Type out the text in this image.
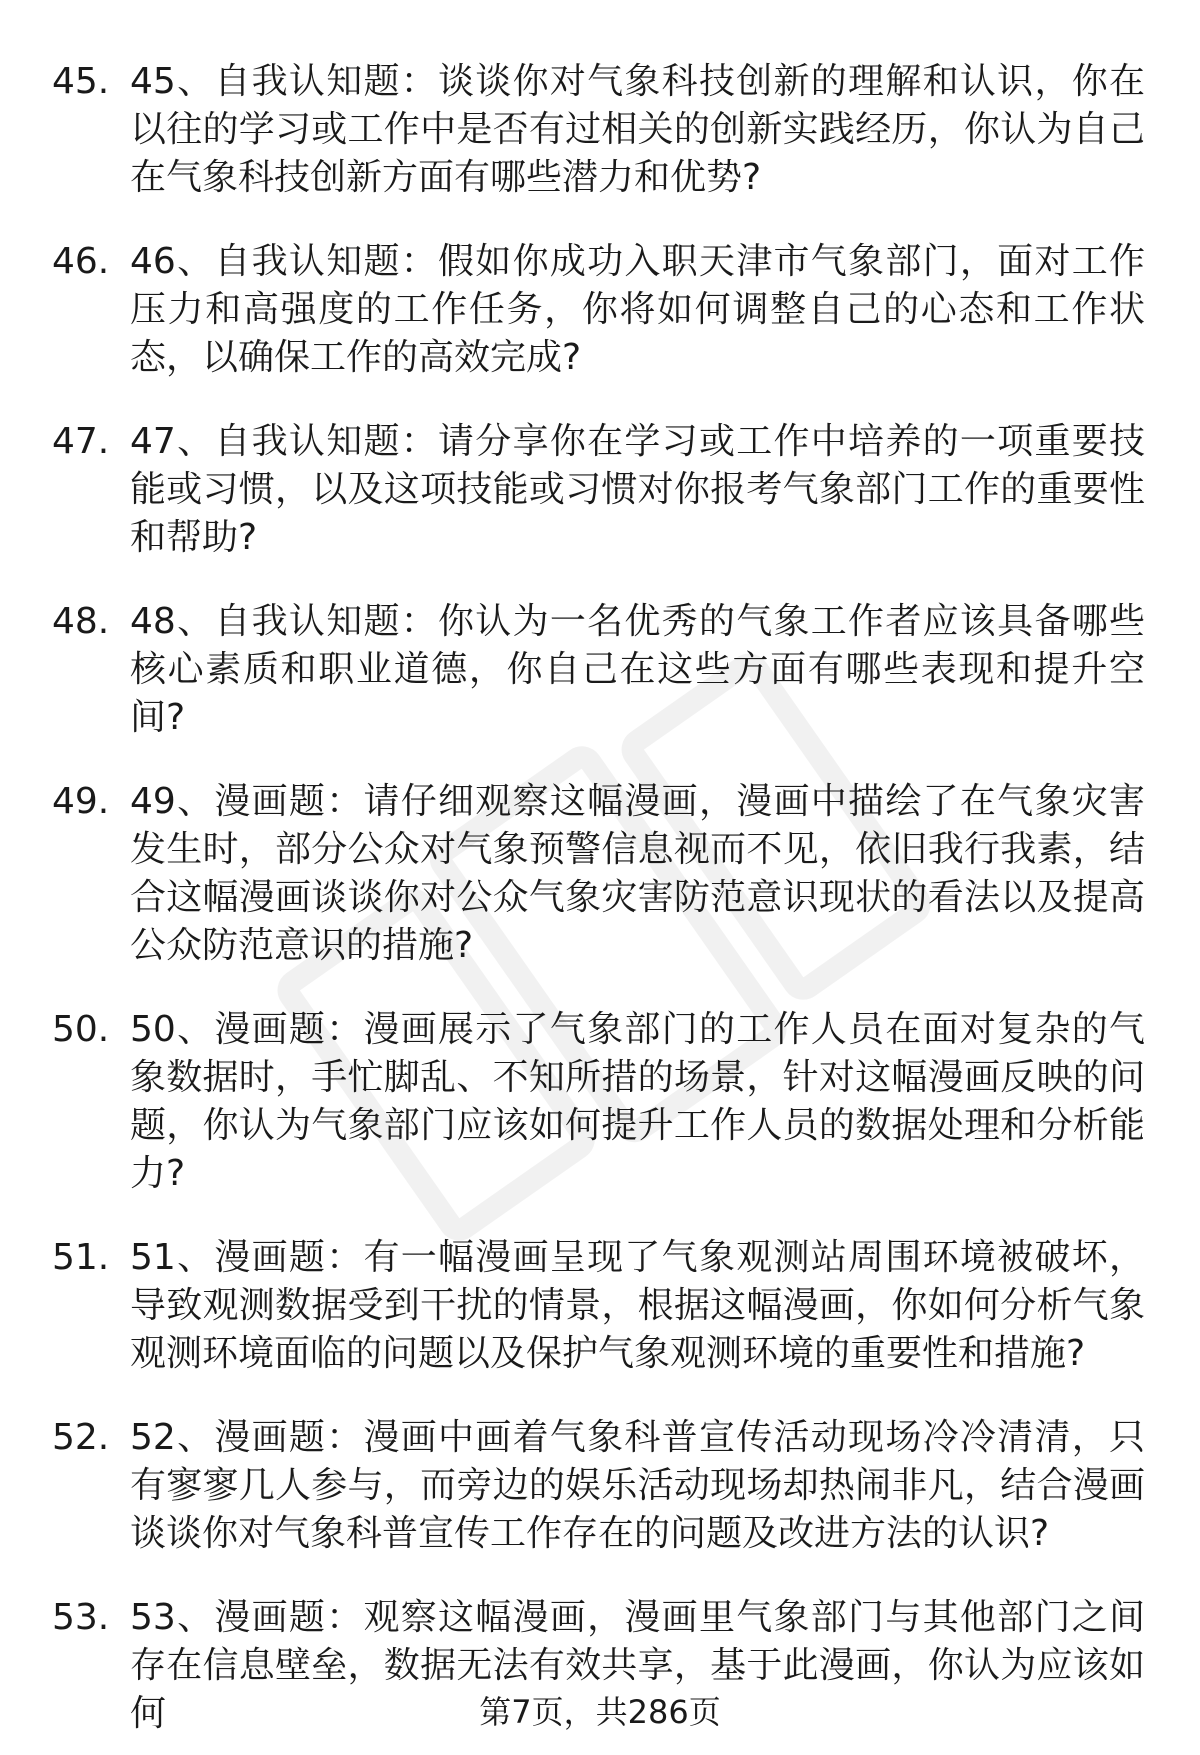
45. 45、自我认知题：谈谈你对气象科技创新的理解和认识，你在以往的学习或工作中是否有过相关的创新实践经历，你认为自己在气象科技创新方面有哪些潜力和优势?
46. 46、自我认知题：假如你成功入职天津市气象部门，面对工作压力和高强度的工作任务，你将如何调整自己的心态和工作状态，以确保工作的高效完成?
47. 47、自我认知题：请分享你在学习或工作中培养的一项重要技能或习惯，以及这项技能或习惯对你报考气象部门工作的重要性和帮助?
48. 48、自我认知题：你认为一名优秀的气象工作者应该具备哪些核心素质和职业道德，你自己在这些方面有哪些表现和提升空间?
49. 49、漫画题：请仔细观察这幅漫画，漫画中描绘了在气象灾害发生时，部分公众对气象预警信息视而不见，依旧我行我素，结合这幅漫画谈谈你对公众气象灾害防范意识现状的看法以及提高公众防范意识的措施?
50. 50、漫画题：漫画展示了气象部门的工作人员在面对复杂的气象数据时，手忙脚乱、不知所措的场景，针对这幅漫画反映的问题，你认为气象部门应该如何提升工作人员的数据处理和分析能力?
51. 51、漫画题：有一幅漫画呈现了气象观测站周围环境被破坏，导致观测数据受到干扰的情景，根据这幅漫画，你如何分析气象观测环境面临的问题以及保护气象观测环境的重要性和措施?
52. 52、漫画题：漫画中画着气象科普宣传活动现场冷冷清清，只有寥寥几人参与，而旁边的娱乐活动现场却热闹非凡，结合漫画谈谈你对气象科普宣传工作存在的问题及改进方法的认识?
53. 53、漫画题：观察这幅漫画，漫画里气象部门与其他部门之间存在信息壁垒，数据无法有效共享，基于此漫画，你认为应该如何	第7页，共286页
